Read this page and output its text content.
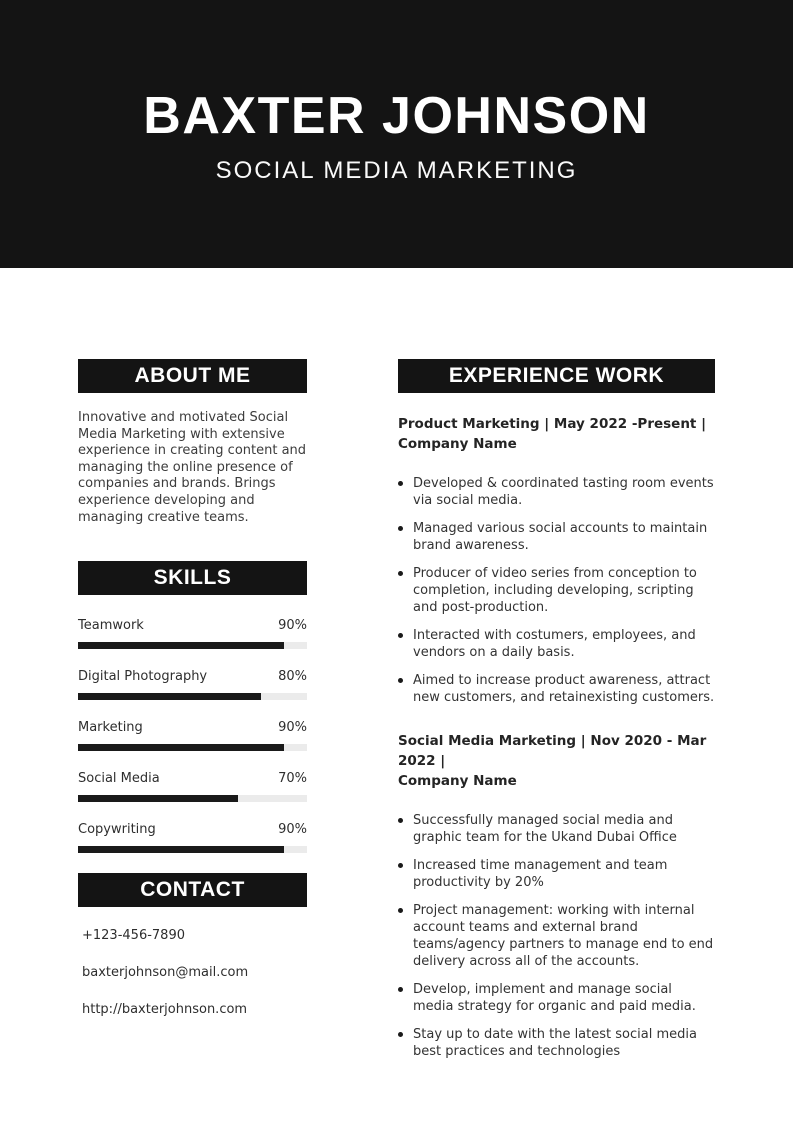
BAXTER JOHNSON
SOCIAL MEDIA MARKETING
ABOUT ME
Innovative and motivated Social Media Marketing with extensive experience in creating content and managing the online presence of companies and brands. Brings experience developing and managing creative teams.
SKILLS
Teamwork	90%
Digital Photography	80%
Marketing	90%
Social Media	70%
Copywriting	90%
CONTACT
+123-456-7890
baxterjohnson@mail.com
http://baxterjohnson.com
EXPERIENCE WORK
Product Marketing | May 2022 -Present |
Company Name
Developed & coordinated tasting room events via social media.
Managed various social accounts to maintain brand awareness.
Producer of video series from conception to completion, including developing, scripting and post-production.
Interacted with costumers, employees, and vendors on a daily basis.
Aimed to increase product awareness, attract new customers, and retainexisting customers.
Social Media Marketing | Nov 2020 - Mar 2022 |
Company Name
Successfully managed social media and graphic team for the Ukand Dubai Office
Increased time management and team productivity by 20%
Project management: working with internal account teams and external brand teams/agency partners to manage end to end delivery across all of the accounts.
Develop, implement and manage social media strategy for organic and paid media.
Stay up to date with the latest social media best practices and technologies
